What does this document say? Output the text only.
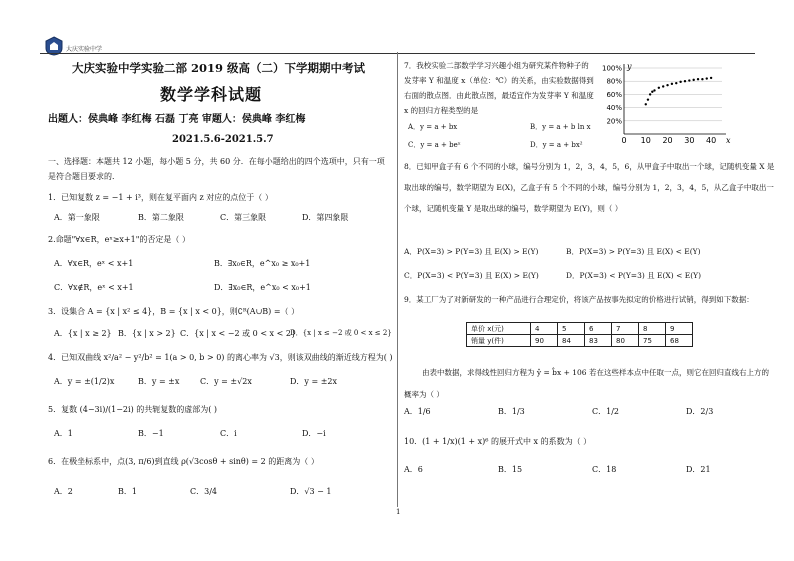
大庆实验中学
大庆实验中学实验二部 2019 级高（二）下学期期中考试
数学学科试题
出题人：侯典峰 李红梅 石磊 丁亮 审题人：侯典峰 李红梅
2021.5.6-2021.5.7
一、选择题：本题共 12 小题，每小题 5 分，共 60 分．在每小题给出的四个选项中，只有一项是符合题目要求的．
1．已知复数 z = −1 + i³，则在复平面内 z 对应的点位于（ ）
A．第一象限	B．第二象限	C．第三象限	D．第四象限
2.命题"∀x∈R，eˣ≥x+1"的否定是（ ）
A．∀x∈R，eˣ < x+1	B．∃x₀∈R，e^x₀ ≥ x₀+1
C．∀x∉R，eˣ < x+1	D．∃x₀∈R，e^x₀ < x₀+1
3．设集合 A = {x | x² ≤ 4}，B = {x | x < 0}，则∁ᴿ(A∪B) =（ ）
A．{x | x ≥ 2} B．{x | x > 2} C．{x | x < −2 或 0 < x < 2}
D．{x | x ≤ −2 或 0 < x ≤ 2}
4．已知双曲线 x²/a² − y²/b² = 1(a > 0, b > 0) 的离心率为 √3，则该双曲线的渐近线方程为( )
A．y = ±(1/2)x	B．y = ±x	C．y = ±√2x	D．y = ±2x
5．复数 (4−3i)/(1−2i) 的共轭复数的虚部为( )
A．1	B．−1	C．i	D．−i
6．在极坐标系中，点(3, π/6)到直线 ρ(√3cosθ + sinθ) = 2 的距离为（ ）
A．2	B．1	C．3/4	D．√3 − 1
7．我校实验二部数学学习兴趣小组为研究某件物种子的发芽率 Y 和温度 x（单位：℃）的关系，由实验数据得到右面的散点图．由此散点图，最适宜作为发芽率 Y 和温度 x 的回归方程类型的是
A．y = a + bx	B．y = a + b ln x
C．y = a + beˣ	D．y = a + bx²
100%
80%
60%
40%
20%
0 10 20 30 40
y
x
8．已知甲盒子有 6 个不同的小球，编号分别为 1，2，3，4，5，6，从甲盒子中取出一个球，记随机变量 X 是取出球的编号，数学期望为 E(X)，乙盒子有 5 个不同的小球，编号分别为 1，2，3，4，5，从乙盒子中取出一个球，记随机变量 Y 是取出球的编号，数学期望为 E(Y)，则（ ）
A．P(X=3) > P(Y=3) 且 E(X) > E(Y)	B．P(X=3) > P(Y=3) 且 E(X) < E(Y)
C．P(X=3) < P(Y=3) 且 E(X) > E(Y)	D．P(X=3) < P(Y=3) 且 E(X) < E(Y)
9．某工厂为了对新研发的一种产品进行合理定价，将该产品按事先拟定的价格进行试销，得到如下数据：
单价 x(元)	4	5	6	7	8	9
销量 y(件)	90	84	83	80	75	68
由表中数据，求得线性回归方程为 ŷ = b̂x + 106 若在这些样本点中任取一点，则它在回归直线右上方的概率为（ ）
A．1/6	B．1/3	C．1/2	D．2/3
10．(1 + 1/x)(1 + x)⁶ 的展开式中 x 的系数为（ ）
A．6	B．15	C．18	D．21
1
